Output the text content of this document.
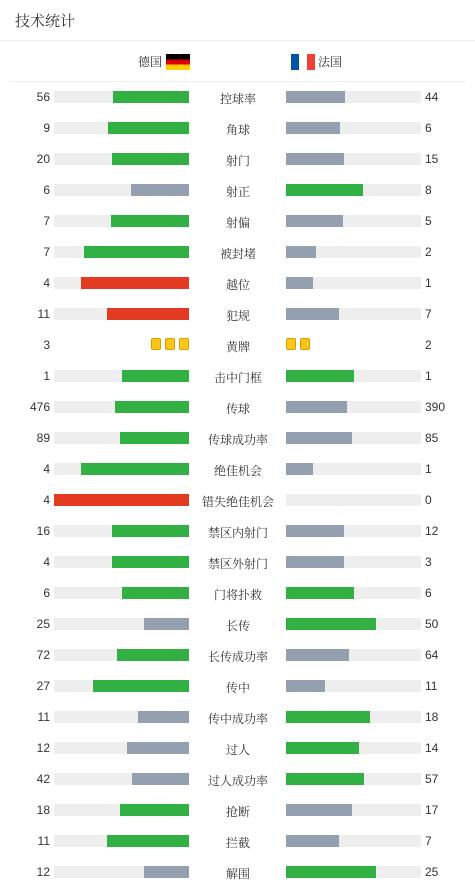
技术统计
德国	法国
56	控球率	44
9	角球	6
20	射门	15
6	射正	8
7	射偏	5
7	被封堵	2
4	越位	1
11	犯规	7
3	黄牌	2
1	击中门框	1
476	传球	390
89	传球成功率	85
4	绝佳机会	1
4	错失绝佳机会	0
16	禁区内射门	12
4	禁区外射门	3
6	门将扑救	6
25	长传	50
72	长传成功率	64
27	传中	11
11	传中成功率	18
12	过人	14
42	过人成功率	57
18	抢断	17
11	拦截	7
12	解围	25
